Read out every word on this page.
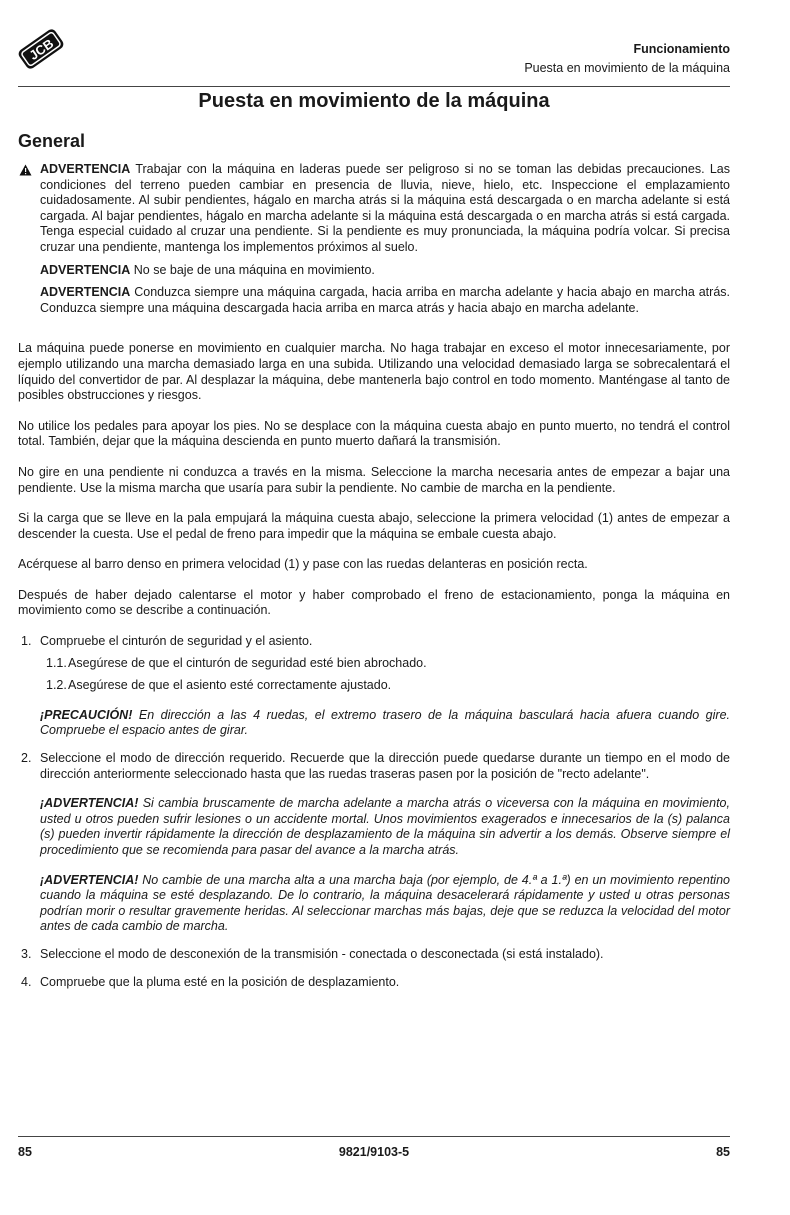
JCB	Funcionamiento
Puesta en movimiento de la máquina
Puesta en movimiento de la máquina
General

ADVERTENCIA Trabajar con la máquina en laderas puede ser peligroso si no se toman las debidas precauciones. Las condiciones del terreno pueden cambiar en presencia de lluvia, nieve, hielo, etc. Inspeccione el emplazamiento cuidadosamente. Al subir pendientes, hágalo en marcha atrás si la máquina está descargada o en marcha adelante si está cargada. Al bajar pendientes, hágalo en marcha adelante si la máquina está descargada o en marcha atrás si está cargada. Tenga especial cuidado al cruzar una pendiente. Si la pendiente es muy pronunciada, la máquina podría volcar. Si precisa cruzar una pendiente, mantenga los implementos próximos al suelo.

ADVERTENCIA No se baje de una máquina en movimiento.

ADVERTENCIA Conduzca siempre una máquina cargada, hacia arriba en marcha adelante y hacia abajo en marcha atrás. Conduzca siempre una máquina descargada hacia arriba en marca atrás y hacia abajo en marcha adelante.

La máquina puede ponerse en movimiento en cualquier marcha. No haga trabajar en exceso el motor innecesariamente, por ejemplo utilizando una marcha demasiado larga en una subida. Utilizando una velocidad demasiado larga se sobrecalentará el líquido del convertidor de par. Al desplazar la máquina, debe mantenerla bajo control en todo momento. Manténgase al tanto de posibles obstrucciones y riesgos.

No utilice los pedales para apoyar los pies. No se desplace con la máquina cuesta abajo en punto muerto, no tendrá el control total. También, dejar que la máquina descienda en punto muerto dañará la transmisión.

No gire en una pendiente ni conduzca a través en la misma. Seleccione la marcha necesaria antes de empezar a bajar una pendiente. Use la misma marcha que usaría para subir la pendiente. No cambie de marcha en la pendiente.

Si la carga que se lleve en la pala empujará la máquina cuesta abajo, seleccione la primera velocidad (1) antes de empezar a descender la cuesta. Use el pedal de freno para impedir que la máquina se embale cuesta abajo.

Acérquese al barro denso en primera velocidad (1) y pase con las ruedas delanteras en posición recta.

Después de haber dejado calentarse el motor y haber comprobado el freno de estacionamiento, ponga la máquina en movimiento como se describe a continuación.

1. Compruebe el cinturón de seguridad y el asiento.

1.1. Asegúrese de que el cinturón de seguridad esté bien abrochado.
1.2. Asegúrese de que el asiento esté correctamente ajustado.

¡PRECAUCIÓN! En dirección a las 4 ruedas, el extremo trasero de la máquina basculará hacia afuera cuando gire. Compruebe el espacio antes de girar.

2. Seleccione el modo de dirección requerido. Recuerde que la dirección puede quedarse durante un tiempo en el modo de dirección anteriormente seleccionado hasta que las ruedas traseras pasen por la posición de "recto adelante".

¡ADVERTENCIA! Si cambia bruscamente de marcha adelante a marcha atrás o viceversa con la máquina en movimiento, usted u otros pueden sufrir lesiones o un accidente mortal. Unos movimientos exagerados e innecesarios de la (s) palanca (s) pueden invertir rápidamente la dirección de desplazamiento de la máquina sin advertir a los demás. Observe siempre el procedimiento que se recomienda para pasar del avance a la marcha atrás.

¡ADVERTENCIA! No cambie de una marcha alta a una marcha baja (por ejemplo, de 4.ª a 1.ª) en un movimiento repentino cuando la máquina se esté desplazando. De lo contrario, la máquina desacelerará rápidamente y usted u otras personas podrían morir o resultar gravemente heridas. Al seleccionar marchas más bajas, deje que se reduzca la velocidad del motor antes de cada cambio de marcha.

3. Seleccione el modo de desconexión de la transmisión - conectada o desconectada (si está instalado).

4. Compruebe que la pluma esté en la posición de desplazamiento.

85	9821/9103-5	85
